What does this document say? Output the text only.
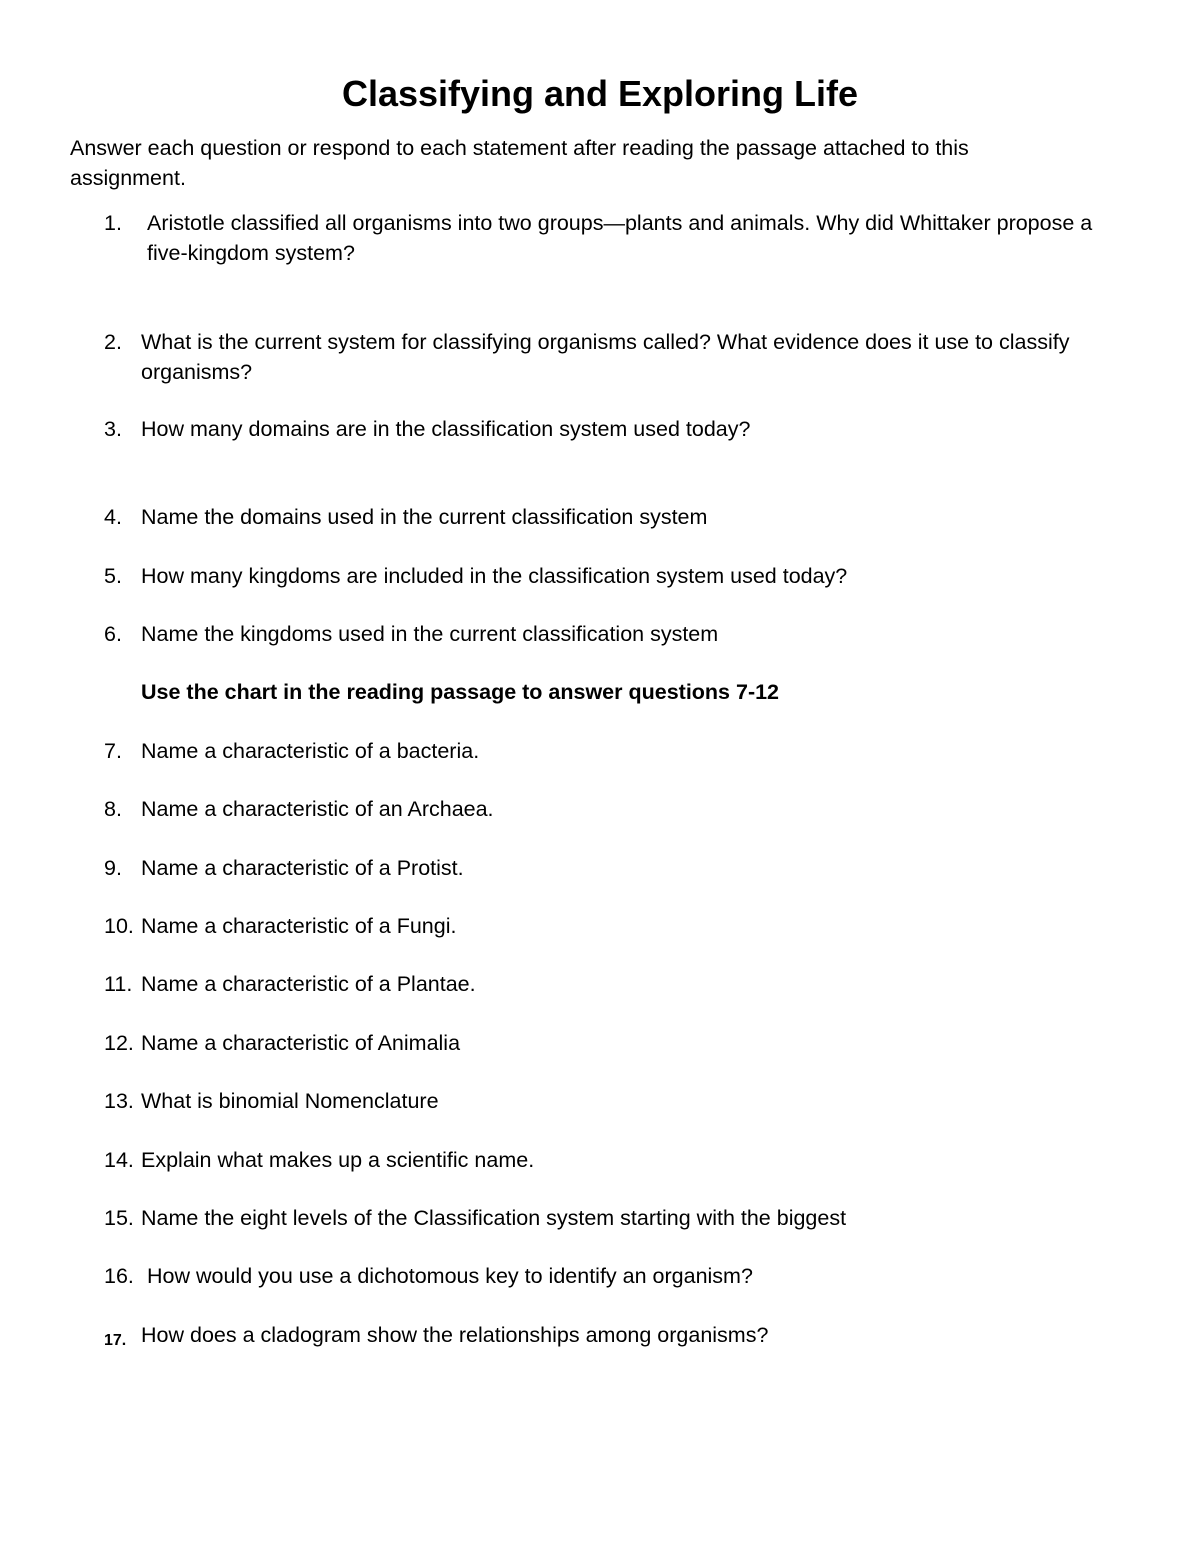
Classifying and Exploring Life

Answer each question or respond to each statement after reading the passage attached to this assignment.

1. Aristotle classified all organisms into two groups—plants and animals. Why did Whittaker propose a five-kingdom system?
2. What is the current system for classifying organisms called? What evidence does it use to classify organisms?
3. How many domains are in the classification system used today?
4. Name the domains used in the current classification system
5. How many kingdoms are included in the classification system used today?
6. Name the kingdoms used in the current classification system

Use the chart in the reading passage to answer questions 7-12

7. Name a characteristic of a bacteria.
8. Name a characteristic of an Archaea.
9. Name a characteristic of a Protist.
10. Name a characteristic of a Fungi.
11. Name a characteristic of a Plantae.
12. Name a characteristic of Animalia
13. What is binomial Nomenclature
14. Explain what makes up a scientific name.
15. Name the eight levels of the Classification system starting with the biggest
16. How would you use a dichotomous key to identify an organism?
17. How does a cladogram show the relationships among organisms?
